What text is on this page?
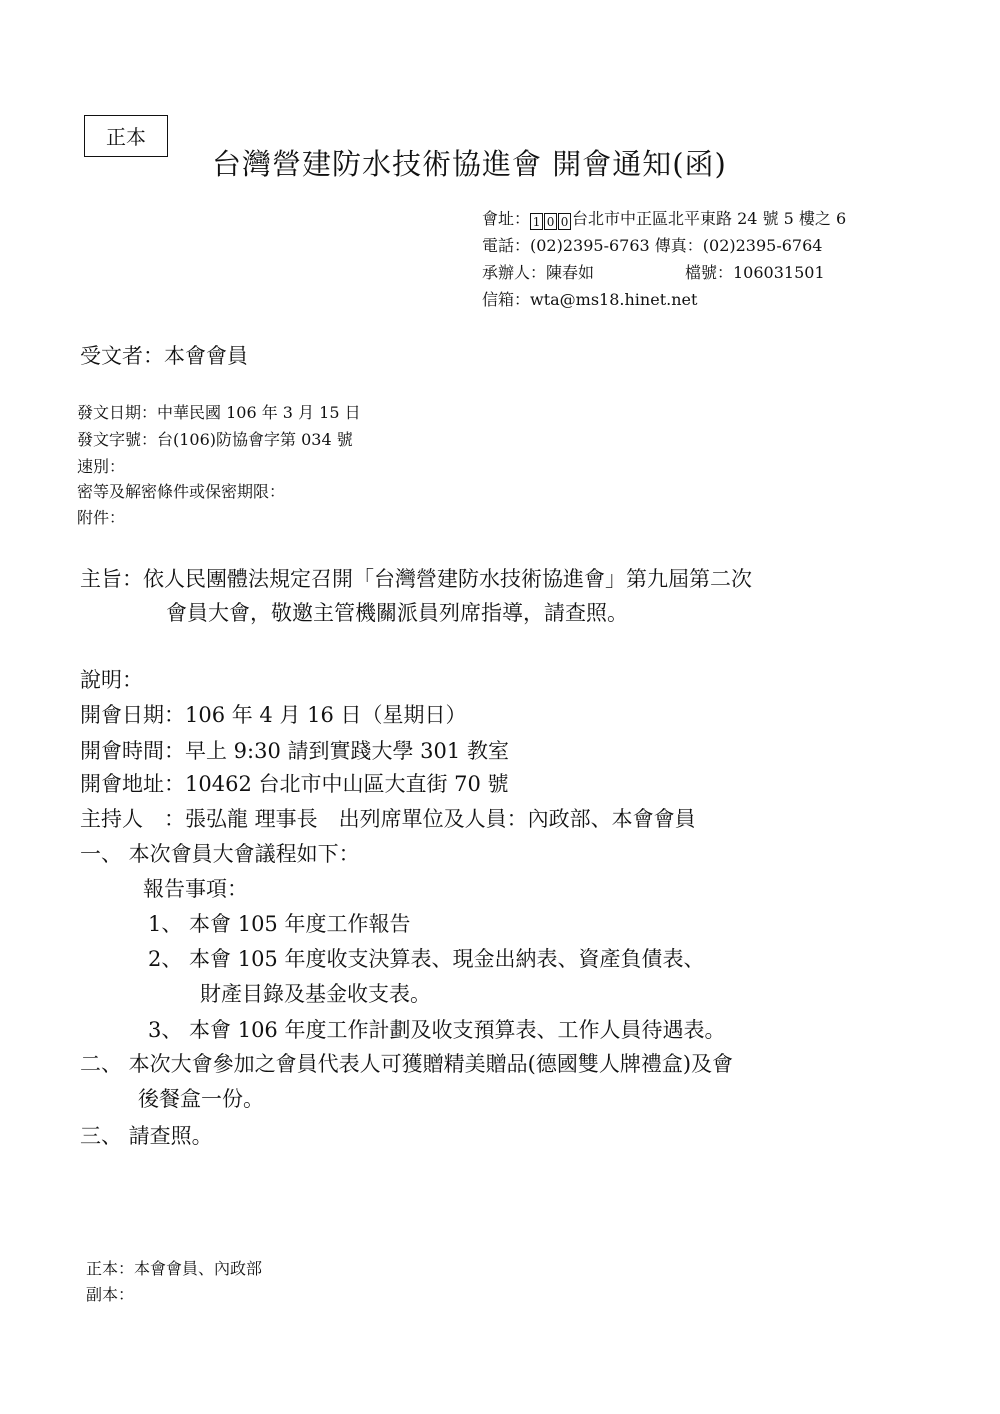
正本
台灣營建防水技術協進會 開會通知(函)
會址： 1 0 0 台北市中正區北平東路 24 號 5 樓之 6
電話：(02)2395-6763 傳真：(02)2395-6764
承辦人：陳春如	檔號：106031501
信箱：wta@ms18.hinet.net
受文者：本會會員
發文日期：中華民國 106 年 3 月 15 日
發文字號：台(106)防協會字第 034 號
速別：
密等及解密條件或保密期限：
附件：
主旨：依人民團體法規定召開「台灣營建防水技術協進會」第九屆第二次
會員大會，敬邀主管機關派員列席指導，請查照。
說明：
開會日期：106 年 4 月 16 日（星期日）
開會時間：早上 9:30 請到實踐大學 301 教室
開會地址：10462 台北市中山區大直街 70 號
主持人　：張弘龍 理事長　出列席單位及人員：內政部、本會會員
一、 本次會員大會議程如下：
報告事項：
1、 本會 105 年度工作報告
2、 本會 105 年度收支決算表、現金出納表、資產負債表、
財產目錄及基金收支表。
3、 本會 106 年度工作計劃及收支預算表、工作人員待遇表。
二、 本次大會參加之會員代表人可獲贈精美贈品(德國雙人牌禮盒)及會
後餐盒一份。
三、 請查照。
正本：本會會員、內政部
副本：
